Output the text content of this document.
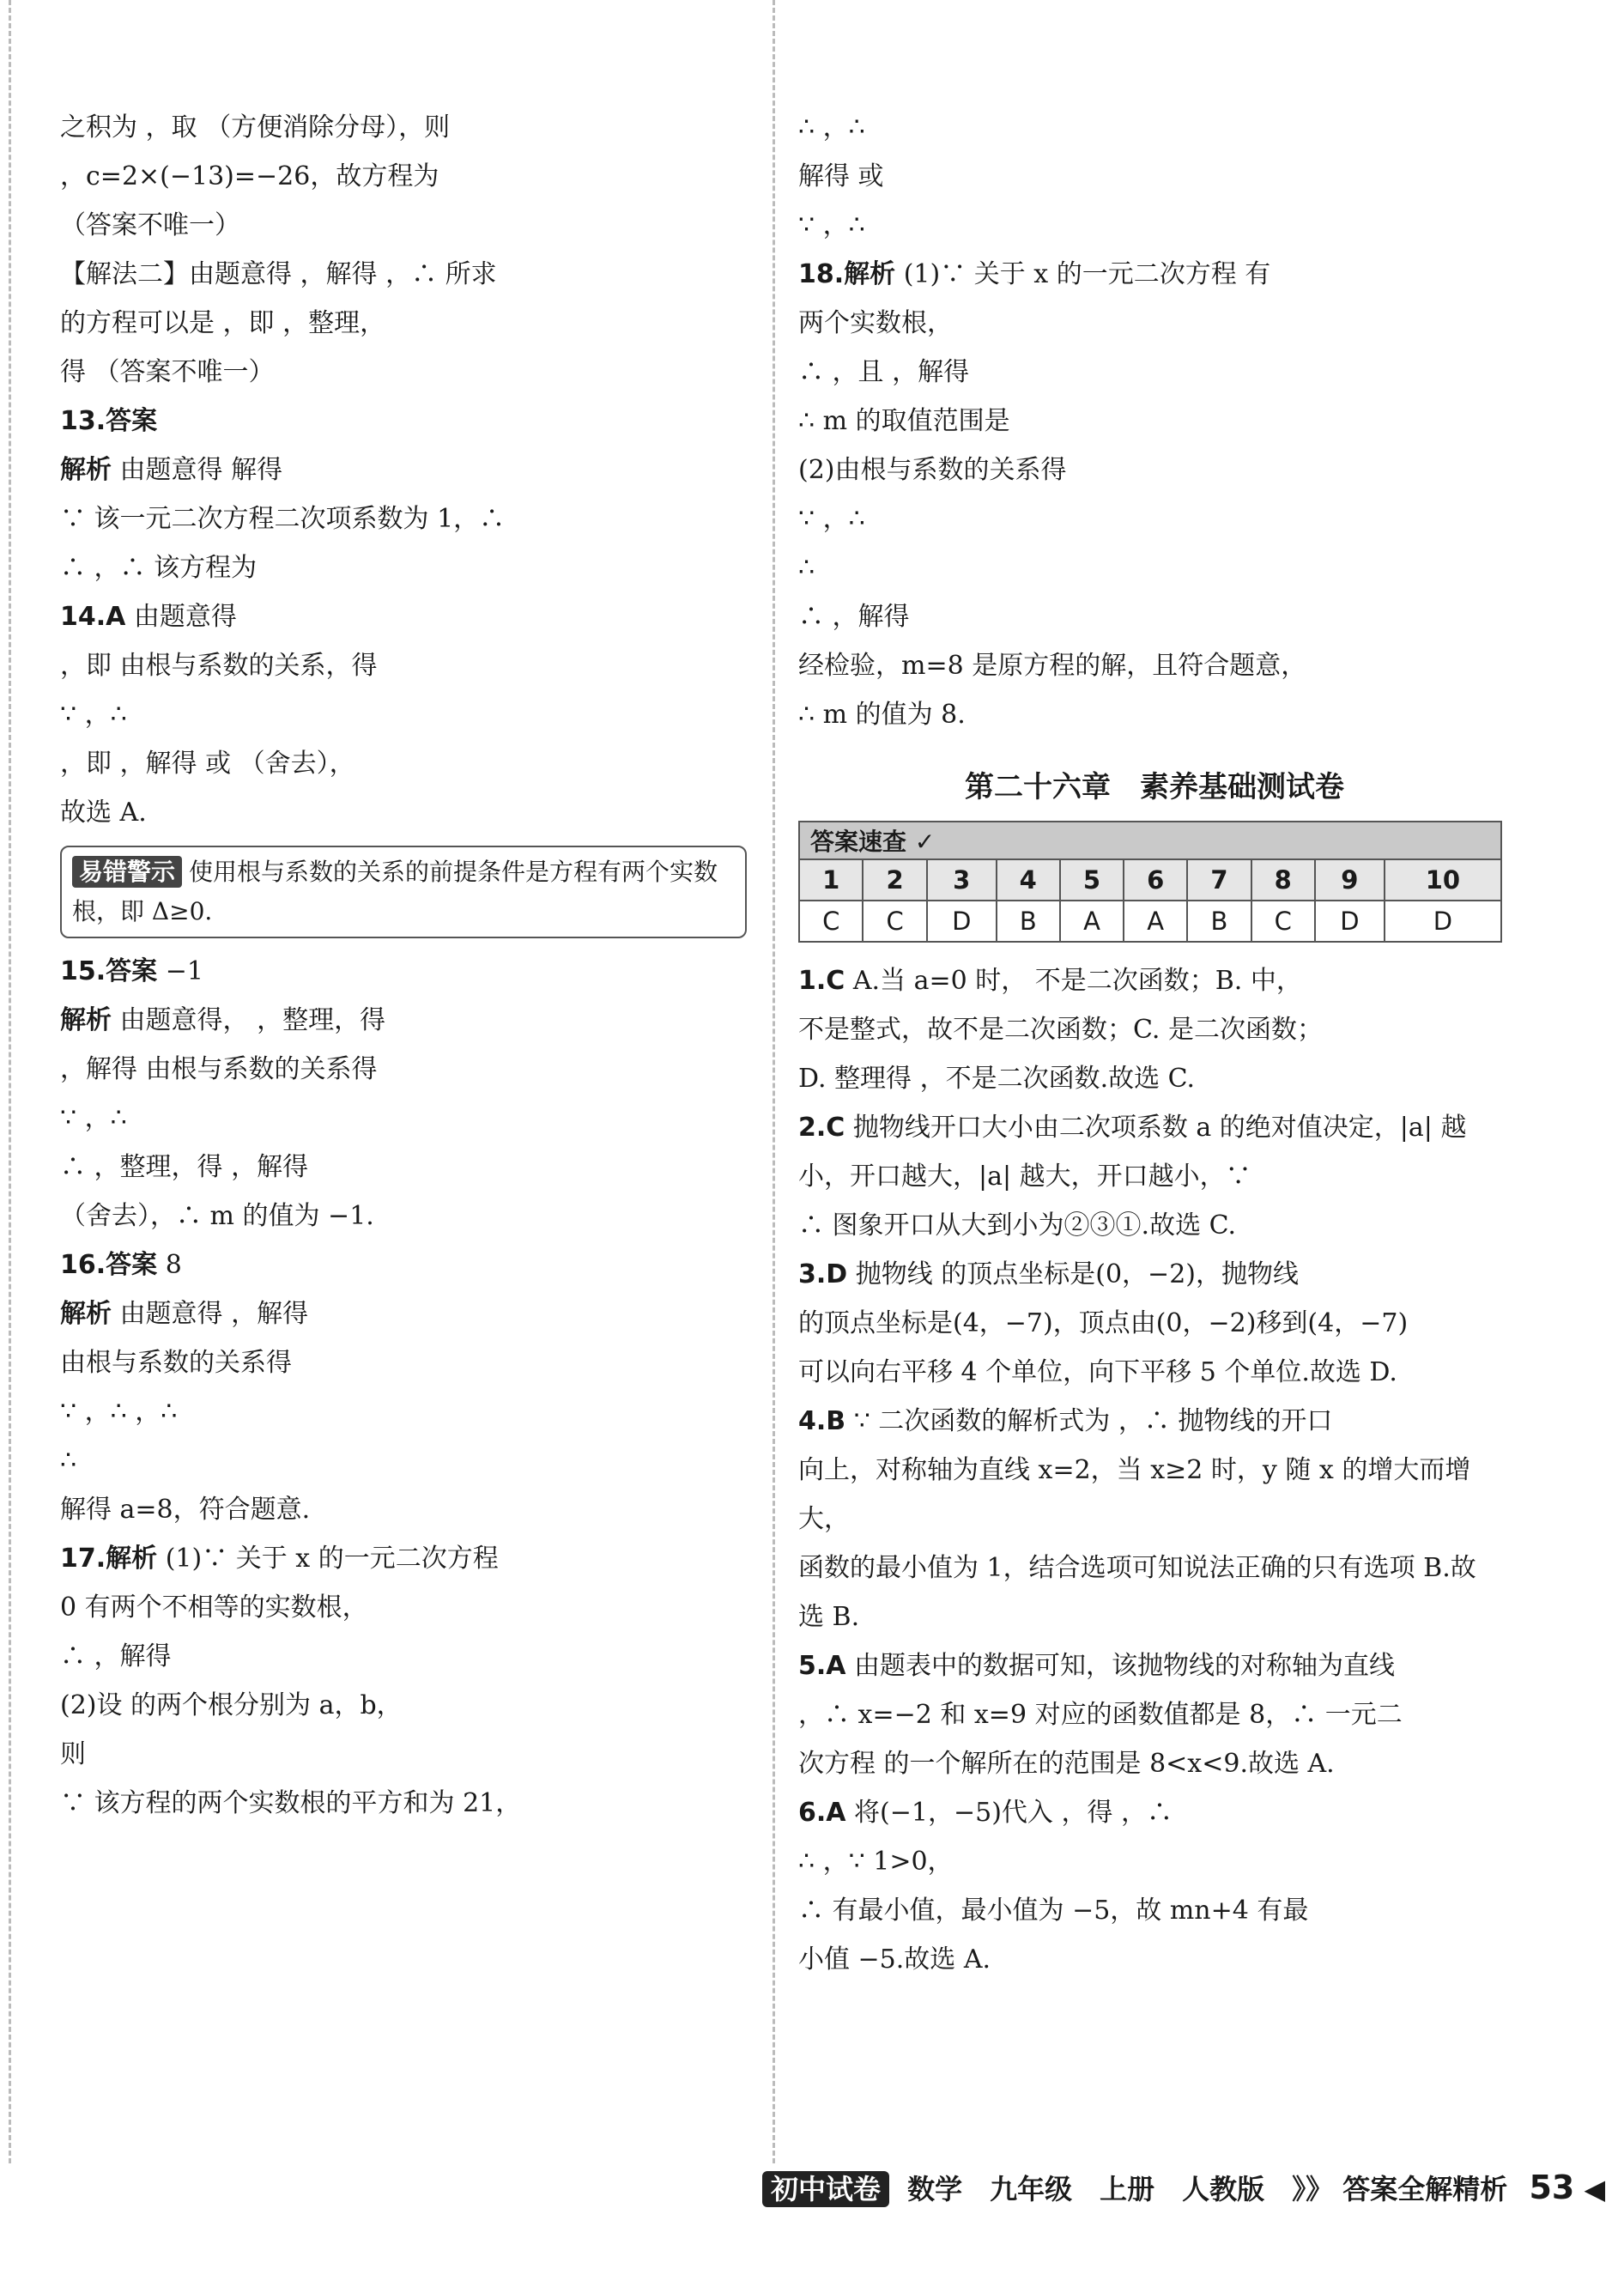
之积为 ，取 （方便消除分母），则

，c=2×(−13)=−26，故方程为

（答案不唯一）

【解法二】由题意得 ，解得 ，∴ 所求

的方程可以是 ，即 ，整理，

得 （答案不唯一）

13.答案

解析 由题意得 解得

∵ 该一元二次方程二次项系数为 1，∴

∴ ，∴ 该方程为

14.A 由题意得

，即 由根与系数的关系，得

∵ ，∴

，即 ，解得 或 （舍去），

故选 A.

易错警示 使用根与系数的关系的前提条件是方程有两个实数根，即 Δ≥0.

15.答案 −1

解析 由题意得， ，整理，得

，解得 由根与系数的关系得

∵ ，∴

∴ ，整理，得 ，解得

（舍去），∴ m 的值为 −1.

16.答案 8

解析 由题意得 ，解得

由根与系数的关系得

∵ ，∴ ，∴

∴

解得 a=8，符合题意.

17.解析 (1)∵ 关于 x 的一元二次方程

0 有两个不相等的实数根，

∴ ，解得

(2)设 的两个根分别为 a，b，

则

∵ 该方程的两个实数根的平方和为 21，

∴ ，∴

解得 或

∵ ，∴

18.解析 (1)∵ 关于 x 的一元二次方程 有

两个实数根，

∴ ，且 ，解得

∴ m 的取值范围是

(2)由根与系数的关系得

∵ ，∴

∴

∴ ，解得

经检验，m=8 是原方程的解，且符合题意，

∴ m 的值为 8.

第二十六章　素养基础测试卷
答案速查 ✓									
1	2	3	4	5	6	7	8	9	10
C	C	D	B	A	A	B	C	D	D

1.C A.当 a=0 时， 不是二次函数；B. 中，

不是整式，故不是二次函数；C. 是二次函数；

D. 整理得 ，不是二次函数.故选 C.

2.C 抛物线开口大小由二次项系数 a 的绝对值决定，|a| 越

小，开口越大，|a| 越大，开口越小，∵

∴ 图象开口从大到小为②③①.故选 C.

3.D 抛物线 的顶点坐标是(0，−2)，抛物线

的顶点坐标是(4，−7)，顶点由(0，−2)移到(4，−7)

可以向右平移 4 个单位，向下平移 5 个单位.故选 D.

4.B ∵ 二次函数的解析式为 ，∴ 抛物线的开口

向上，对称轴为直线 x=2，当 x≥2 时，y 随 x 的增大而增大，

函数的最小值为 1，结合选项可知说法正确的只有选项 B.故

选 B.

5.A 由题表中的数据可知，该抛物线的对称轴为直线

，∴ x=−2 和 x=9 对应的函数值都是 8，∴ 一元二

次方程 的一个解所在的范围是 8<x<9.故选 A.

6.A 将(−1，−5)代入 ，得 ，∴

∴ ，∵ 1>0，

∴ 有最小值，最小值为 −5，故 mn+4 有最

小值 −5.故选 A.

初中试卷 数学　九年级　上册　人教版　》》 答案全解精析 53 ◀
